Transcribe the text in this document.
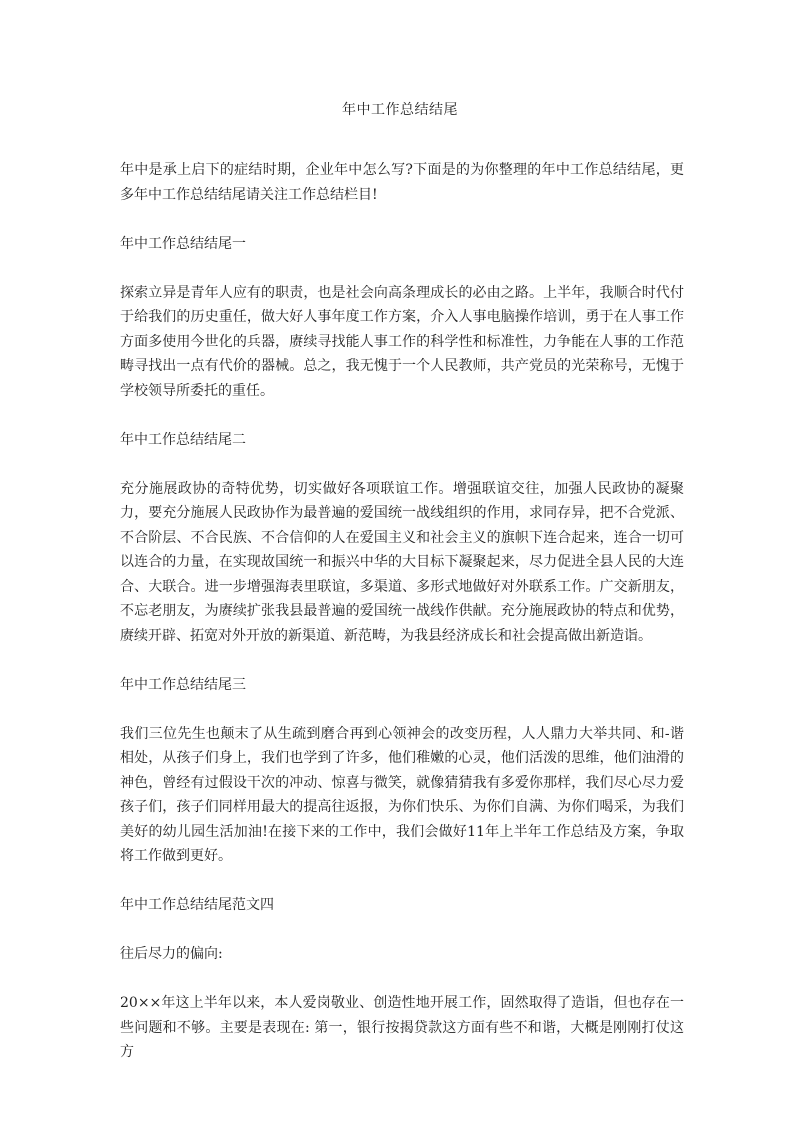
年中工作总结结尾

年中是承上启下的症结时期，企业年中怎么写?下面是的为你整理的年中工作总结结尾，更多年中工作总结结尾请关注工作总结栏目!

年中工作总结结尾一

探索立异是青年人应有的职责，也是社会向高条理成长的必由之路。上半年，我顺合时代付于给我们的历史重任，做大好人事年度工作方案，介入人事电脑操作培训，勇于在人事工作方面多使用今世化的兵器，赓续寻找能人事工作的科学性和标准性，力争能在人事的工作范畴寻找出一点有代价的器械。总之，我无愧于一个人民教师，共产党员的光荣称号，无愧于学校领导所委托的重任。

年中工作总结结尾二

充分施展政协的奇特优势，切实做好各项联谊工作。增强联谊交往，加强人民政协的凝聚力，要充分施展人民政协作为最普遍的爱国统一战线组织的作用，求同存异，把不合党派、不合阶层、不合民族、不合信仰的人在爱国主义和社会主义的旗帜下连合起来，连合一切可以连合的力量，在实现故国统一和振兴中华的大目标下凝聚起来，尽力促进全县人民的大连合、大联合。进一步增强海表里联谊，多渠道、多形式地做好对外联系工作。广交新朋友，不忘老朋友，为赓续扩张我县最普遍的爱国统一战线作供献。充分施展政协的特点和优势，赓续开辟、拓宽对外开放的新渠道、新范畴，为我县经济成长和社会提高做出新造诣。

年中工作总结结尾三

我们三位先生也颠末了从生疏到磨合再到心领神会的改变历程，人人鼎力大举共同、和-谐相处，从孩子们身上，我们也学到了许多，他们稚嫩的心灵，他们活泼的思维，他们油滑的神色，曾经有过假设干次的冲动、惊喜与微笑，就像猜猜我有多爱你那样，我们尽心尽力爱孩子们，孩子们同样用最大的提高往返报，为你们快乐、为你们自满、为你们喝采，为我们美好的幼儿园生活加油!在接下来的工作中，我们会做好11年上半年工作总结及方案，争取将工作做到更好。

年中工作总结结尾范文四

往后尽力的偏向:

20××年这上半年以来，本人爱岗敬业、创造性地开展工作，固然取得了造诣，但也存在一些问题和不够。主要是表现在: 第一，银行按揭贷款这方面有些不和谐，大概是刚刚打仗这方
